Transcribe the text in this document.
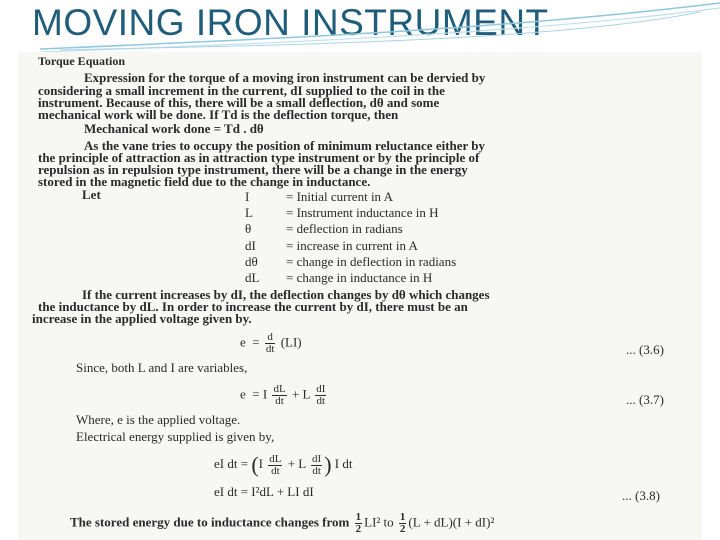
MOVING IRON INSTRUMENT
Torque Equation
Expression for the torque of a moving iron instrument can be dervied by
considering a small increment in the current, dI supplied to the coil in the
instrument. Because of this, there will be a small deflection, dθ and some
mechanical work will be done. If Td is the deflection torque, then
Mechanical work done = Td . dθ
As the vane tries to occupy the position of minimum reluctance either by
the principle of attraction as in attraction type instrument or by the principle of
repulsion as in repulsion type instrument, there will be a change in the energy
stored in the magnetic field due to the change in inductance.
Let	I	= Initial current in A
L	= Instrument inductance in H
θ	= deflection in radians
dI = increase in current in A
dθ = change in deflection in radians
dL = change in inductance in H
If the current increases by dI, the deflection changes by dθ which changes
the inductance by dL. In order to increase the current by dI, there must be an
increase in the applied voltage given by.
$e = \frac{d}{dt} (LI)$
... (3.6)
Since, both L and I are variables,
e = I $\frac{dL}{dt} + L \frac{dI}{dt}$	... (3.7)
Where, e is the applied voltage.
Electrical energy supplied is given by,
eI dt = ($I \frac{dL}{dt} + L \frac{dI}{dt}$ ) I dt
eI dt = I²dL + LI dI	... (3.8)
The stored energy due to inductance changes from $\frac{1}{2} LI^2$ to $\frac{1}{2} (L + dL)(I + dI)^2$
